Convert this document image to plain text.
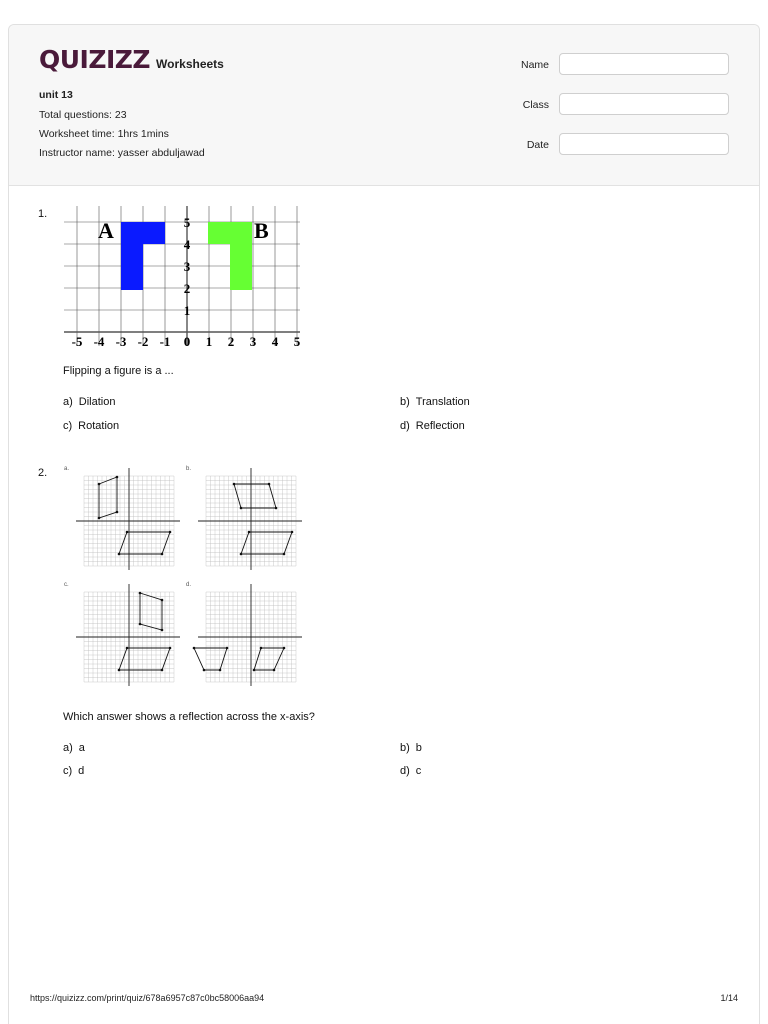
QUIZIZZ Worksheets
unit 13
Total questions: 23
Worksheet time: 1hrs 1mins
Instructor name: yasser abduljawad
Name
Class
Date
1.
A	B
-5 -4 -3 -2 -1 0 1 2 3 4 5
1
2
3
4
5
Flipping a figure is a ...
a) Dilation	b) Translation
c) Rotation	d) Reflection
2.	a.	b.
c.	d.
Which answer shows a reflection across the x-axis?
a) a	b) b
c) d	d) c
https://quizizz.com/print/quiz/678a6957c87c0bc58006aa94	1/14
